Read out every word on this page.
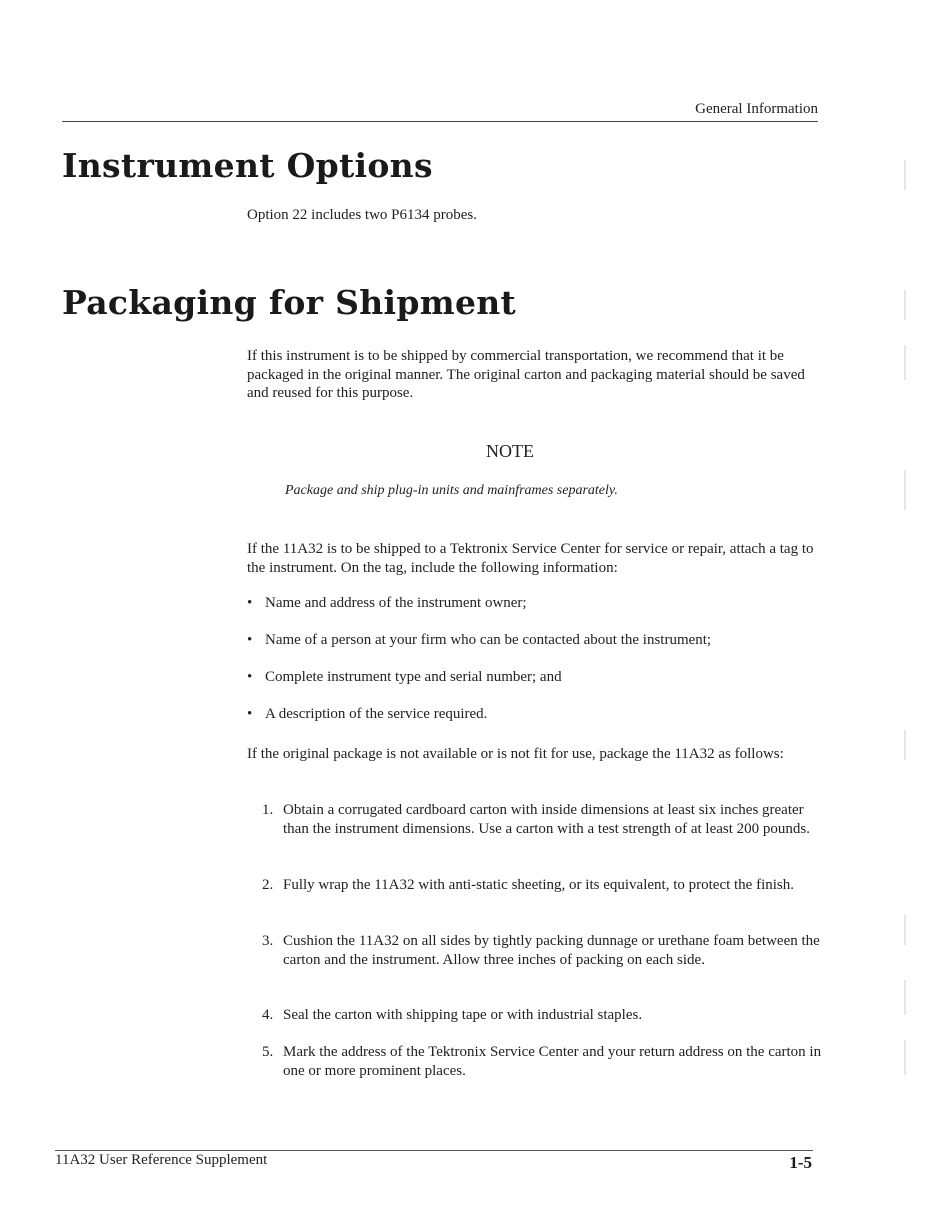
General Information
Instrument Options

Option 22 includes two P6134 probes.

Packaging for Shipment

If this instrument is to be shipped by commercial transportation, we recommend that it be packaged in the original manner. The original carton and packaging material should be saved and reused for this purpose.

NOTE

Package and ship plug-in units and mainframes separately.

If the 11A32 is to be shipped to a Tektronix Service Center for service or repair, attach a tag to the instrument. On the tag, include the following information:

• Name and address of the instrument owner;
• Name of a person at your firm who can be contacted about the instrument;
• Complete instrument type and serial number; and
• A description of the service required.

If the original package is not available or is not fit for use, package the 11A32 as follows:

1. Obtain a corrugated cardboard carton with inside dimensions at least six inches greater than the instrument dimensions. Use a carton with a test strength of at least 200 pounds.
2. Fully wrap the 11A32 with anti-static sheeting, or its equivalent, to protect the finish.
3. Cushion the 11A32 on all sides by tightly packing dunnage or urethane foam between the carton and the instrument. Allow three inches of packing on each side.
4. Seal the carton with shipping tape or with industrial staples.
5. Mark the address of the Tektronix Service Center and your return address on the carton in one or more prominent places.
11A32 User Reference Supplement	1-5
